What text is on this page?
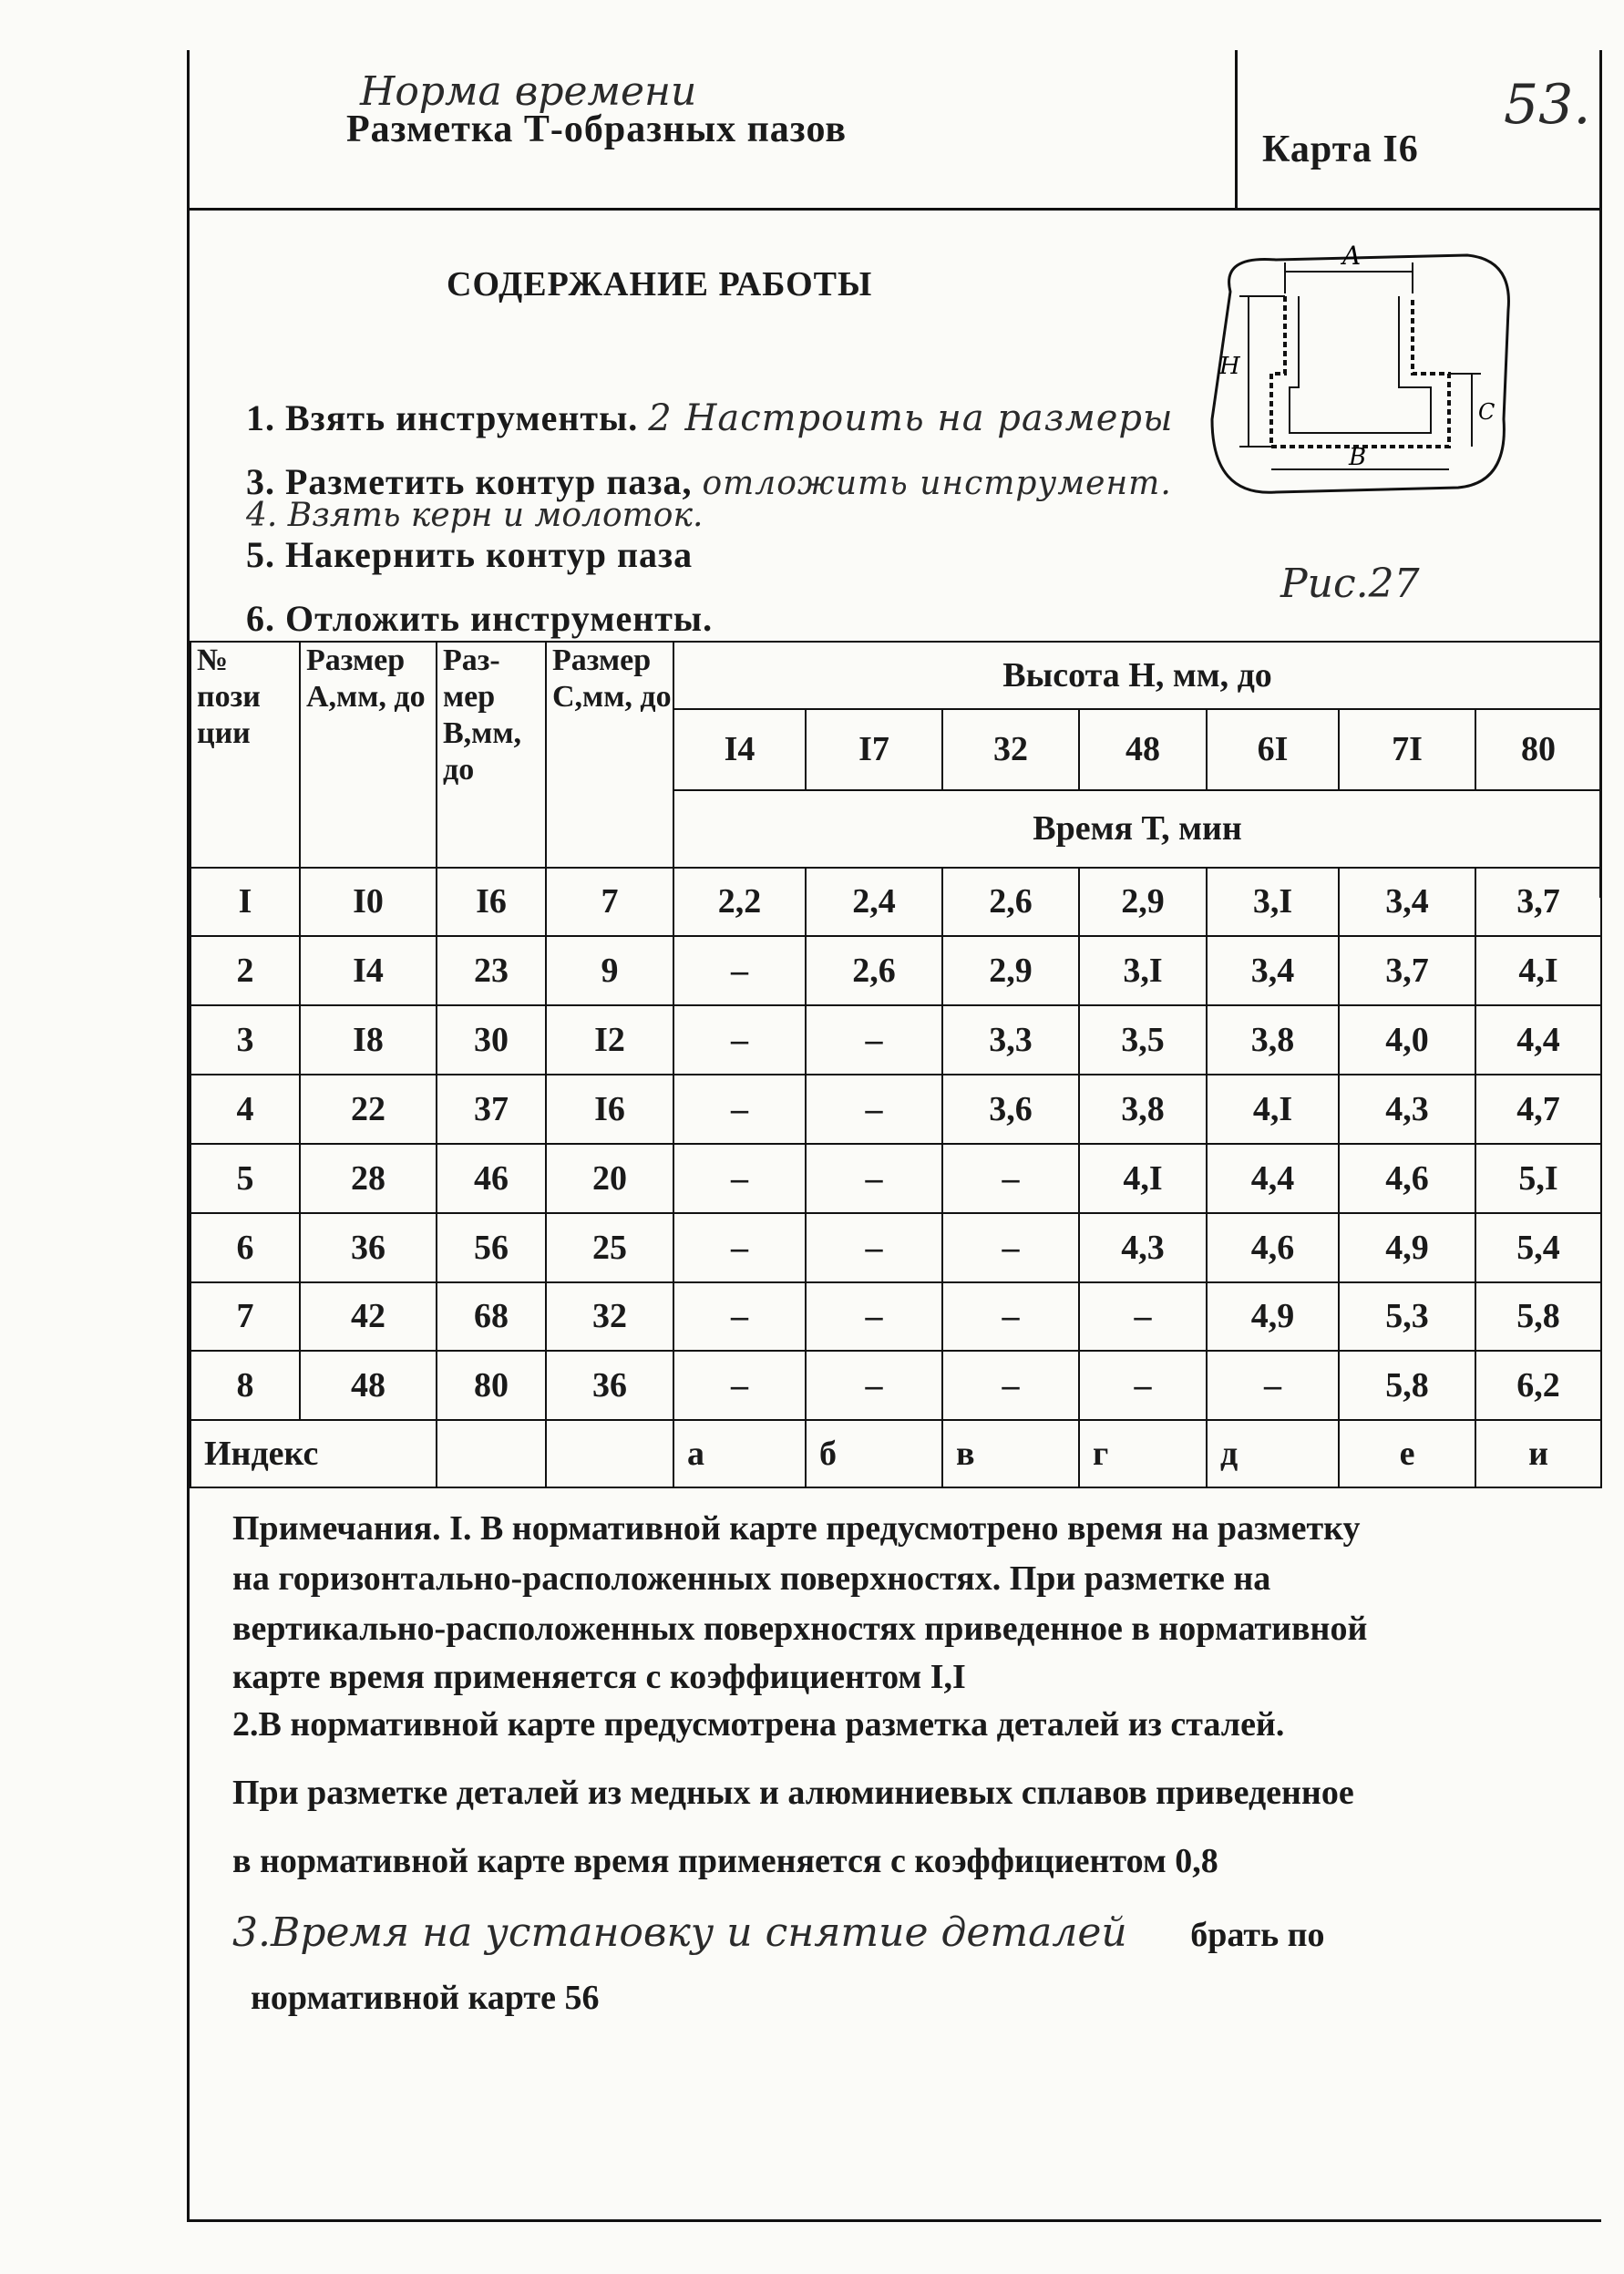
Норма времени
Разметка Т-образных пазов	Карта I6
53.
СОДЕРЖАНИЕ РАБОТЫ
1. Взять инструменты. 2 Настроить на размеры
3. Разметить контур паза, отложить инструмент.
4. Взять керн и молоток.
5. Накернить контур паза
6. Отложить инструменты.
A
B
H
C
Рис.27
№ пози ции	Размер А,мм, до	Раз- мер В,мм, до	Размер С,мм, до	Высота Н, мм, до						
				I4	I7	32	48	6I	7I	80
				Время Т, мин						
I	I0	I6	7	2,2	2,4	2,6	2,9	3,I	3,4	3,7
2	I4	23	9	–	2,6	2,9	3,I	3,4	3,7	4,I
3	I8	30	I2	–	–	3,3	3,5	3,8	4,0	4,4
4	22	37	I6	–	–	3,6	3,8	4,I	4,3	4,7
5	28	46	20	–	–	–	4,I	4,4	4,6	5,I
6	36	56	25	–	–	–	4,3	4,6	4,9	5,4
7	42	68	32	–	–	–	–	4,9	5,3	5,8
8	48	80	36	–	–	–	–	–	5,8	6,2
Индекс				а	б	в	г	д	е	и
Примечания. I. В нормативной карте предусмотрено время на разметку
на горизонтально-расположенных поверхностях. При разметке на
вертикально-расположенных поверхностях приведенное в нормативной
карте время применяется с коэффициентом I,I
2.В нормативной карте предусмотрена разметка деталей из сталей.
При разметке деталей из медных и алюминиевых сплавов приведенное
в нормативной карте время применяется с коэффициентом 0,8
3.Время на установку и снятие деталей брать по
нормативной карте 56
